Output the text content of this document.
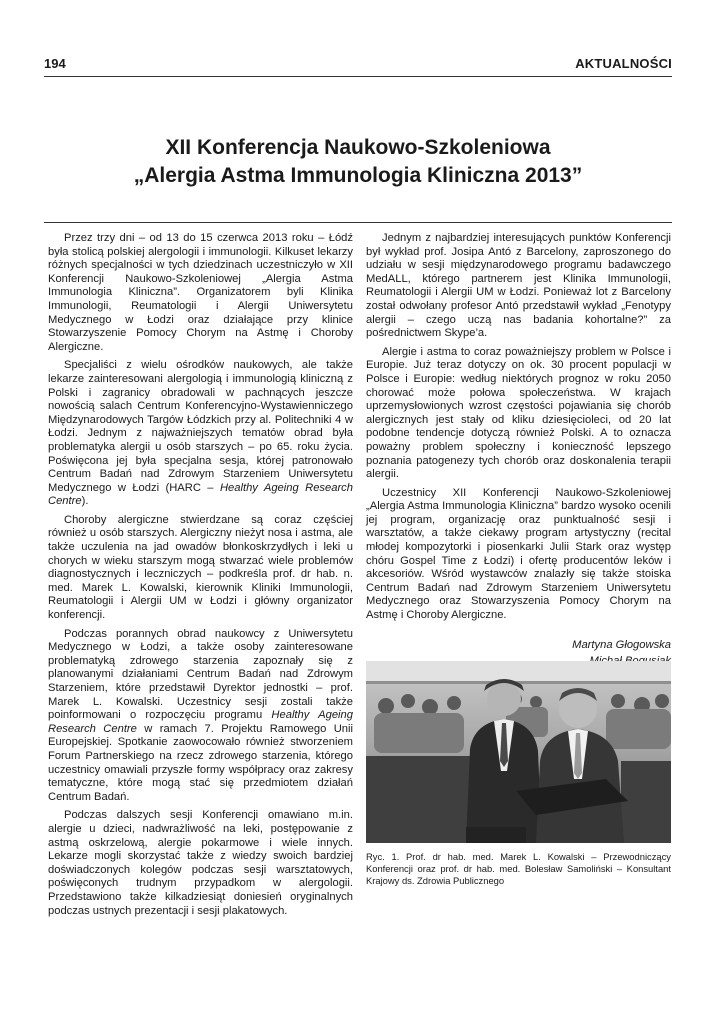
194	AKTUALNOŚCI
XII Konferencja Naukowo-Szkoleniowa
„Alergia Astma Immunologia Kliniczna 2013”

Przez trzy dni – od 13 do 15 czerwca 2013 roku – Łódź była stolicą polskiej alergologii i immunologii. Kilkuset lekarzy różnych specjalności w tych dziedzinach uczestniczyło w XII Konferencji Naukowo-Szkoleniowej „Alergia Astma Immunologia Kliniczna”. Organizatorem byli Klinika Immunologii, Reumatologii i Alergii Uniwersytetu Medycznego w Łodzi oraz działające przy klinice Stowarzyszenie Pomocy Chorym na Astmę i Choroby Alergiczne.

Specjaliści z wielu ośrodków naukowych, ale także lekarze zainteresowani alergologią i immunologią kliniczną z Polski i zagranicy obradowali w pachnących jeszcze nowością salach Centrum Konferencyjno-Wystawienniczego Międzynarodowych Targów Łódzkich przy al. Politechniki 4 w Łodzi. Jednym z najważniejszych tematów obrad była problematyka alergii u osób starszych – po 65. roku życia. Poświęcona jej była specjalna sesja, której patronowało Centrum Badań nad Zdrowym Starzeniem Uniwersytetu Medycznego w Łodzi (HARC – Healthy Ageing Research Centre).

Choroby alergiczne stwierdzane są coraz częściej również u osób starszych. Alergiczny nieżyt nosa i astma, ale także uczulenia na jad owadów błonkoskrzydłych i leki u chorych w wieku starszym mogą stwarzać wiele problemów diagnostycznych i leczniczych – podkreśla prof. dr hab. n. med. Marek L. Kowalski, kierownik Kliniki Immunologii, Reumatologii i Alergii UM w Łodzi i główny organizator konferencji.

Podczas porannych obrad naukowcy z Uniwersytetu Medycznego w Łodzi, a także osoby zainteresowane problematyką zdrowego starzenia zapoznały się z planowanymi działaniami Centrum Badań nad Zdrowym Starzeniem, które przedstawił Dyrektor jednostki – prof. Marek L. Kowalski. Uczestnicy sesji zostali także poinformowani o rozpoczęciu programu Healthy Ageing Research Centre w ramach 7. Projektu Ramowego Unii Europejskiej. Spotkanie zaowocowało również stworzeniem Forum Partnerskiego na rzecz zdrowego starzenia, którego uczestnicy omawiali przyszłe formy współpracy oraz zakresy tematyczne, które mogą stać się przedmiotem działań Centrum Badań.

Podczas dalszych sesji Konferencji omawiano m.in. alergie u dzieci, nadwrażliwość na leki, postępowanie z astmą oskrzelową, alergie pokarmowe i wiele innych. Lekarze mogli skorzystać także z wiedzy swoich bardziej doświadczonych kolegów podczas sesji warsztatowych, poświęconych trudnym przypadkom w alergologii. Przedstawiono także kilkadziesiąt doniesień oryginalnych podczas ustnych prezentacji i sesji plakatowych.

Jednym z najbardziej interesujących punktów Konferencji był wykład prof. Josipa Antó z Barcelony, zaproszonego do udziału w sesji międzynarodowego programu badawczego MedALL, którego partnerem jest Klinika Immunologii, Reumatologii i Alergii UM w Łodzi. Ponieważ lot z Barcelony został odwołany profesor Antó przedstawił wykład „Fenotypy alergii – czego uczą nas badania kohortalne?” za pośrednictwem Skype’a.

Alergie i astma to coraz poważniejszy problem w Polsce i Europie. Już teraz dotyczy on ok. 30 procent populacji w Polsce i Europie: według niektórych prognoz w roku 2050 chorować może połowa społeczeństwa. W krajach uprzemysłowionych wzrost częstości pojawiania się chorób alergicznych jest stały od kliku dziesięcioleci, od 20 lat podobne tendencje dotyczą również Polski. A to oznacza poważny problem społeczny i konieczność lepszego poznania patogenezy tych chorób oraz doskonalenia terapii alergii.

Uczestnicy XII Konferencji Naukowo-Szkoleniowej „Alergia Astma Immunologia Kliniczna” bardzo wysoko ocenili jej program, organizację oraz punktualność sesji i warsztatów, a także ciekawy program artystyczny (recital młodej kompozytorki i piosenkarki Julii Stark oraz występ chóru Gospel Time z Łodzi) i ofertę producentów leków i akcesoriów. Wśród wystawców znalazły się także stoiska Centrum Badań nad Zdrowym Starzeniem Uniwersytetu Medycznego oraz Stowarzyszenia Pomocy Chorym na Astmę i Choroby Alergiczne.

Martyna Głogowska
Ryc. 1. Prof. dr hab. med. Marek L. Kowalski – Przewodniczący Konferencji oraz prof. dr hab. med. Bolesław Samoliński – Konsultant Krajowy ds. Zdrowia Publicznego
